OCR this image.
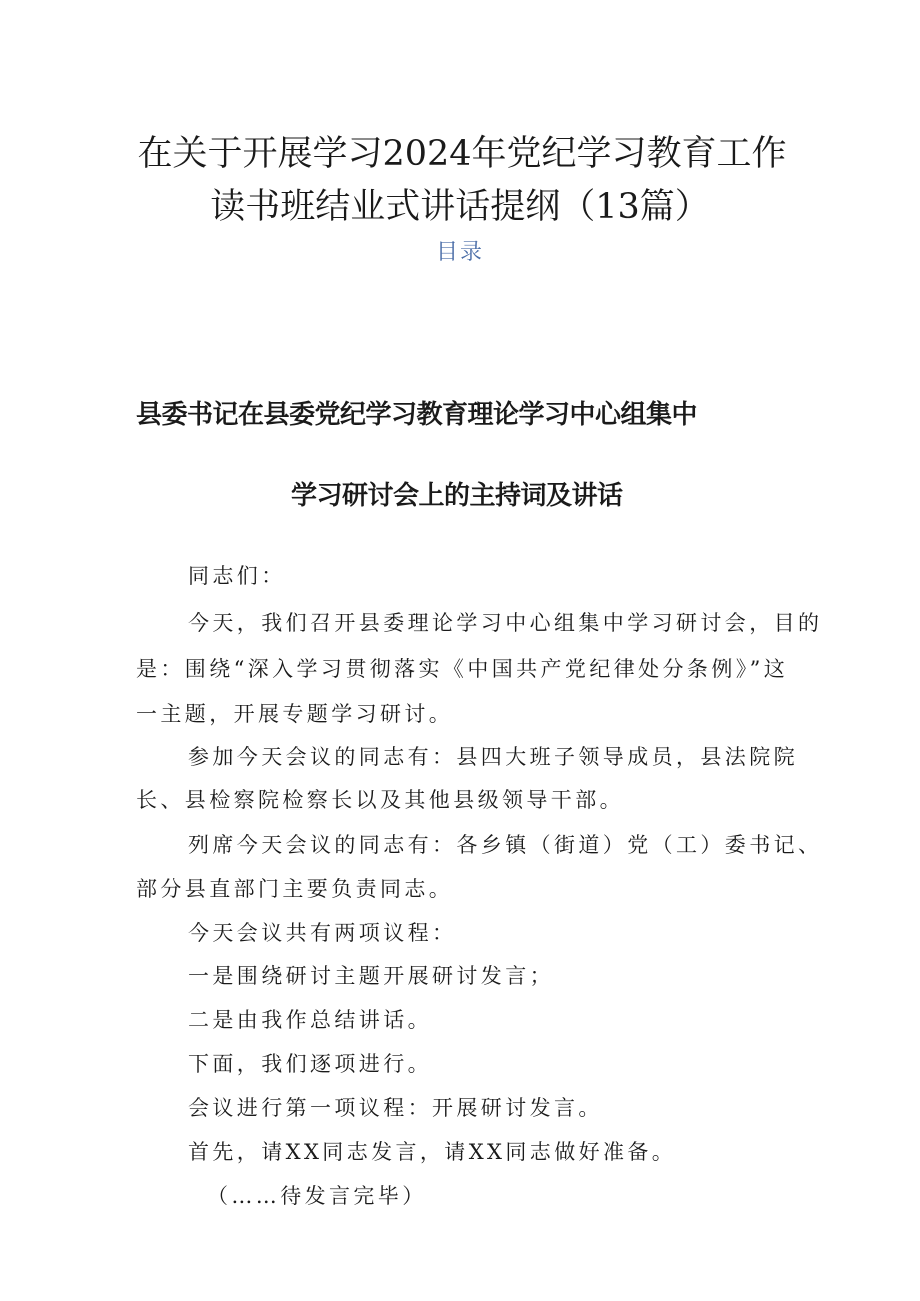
在关于开展学习2024年党纪学习教育工作
读书班结业式讲话提纲（13篇）
目录
县委书记在县委党纪学习教育理论学习中心组集中
学习研讨会上的主持词及讲话

同志们：

今天，我们召开县委理论学习中心组集中学习研讨会，目的

是：围绕“深入学习贯彻落实《中国共产党纪律处分条例》”这

一主题，开展专题学习研讨。

参加今天会议的同志有：县四大班子领导成员，县法院院

长、县检察院检察长以及其他县级领导干部。

列席今天会议的同志有：各乡镇（街道）党（工）委书记、

部分县直部门主要负责同志。

今天会议共有两项议程：

一是围绕研讨主题开展研讨发言；

二是由我作总结讲话。

下面，我们逐项进行。

会议进行第一项议程：开展研讨发言。

首先，请XX同志发言，请XX同志做好准备。

（……待发言完毕）
